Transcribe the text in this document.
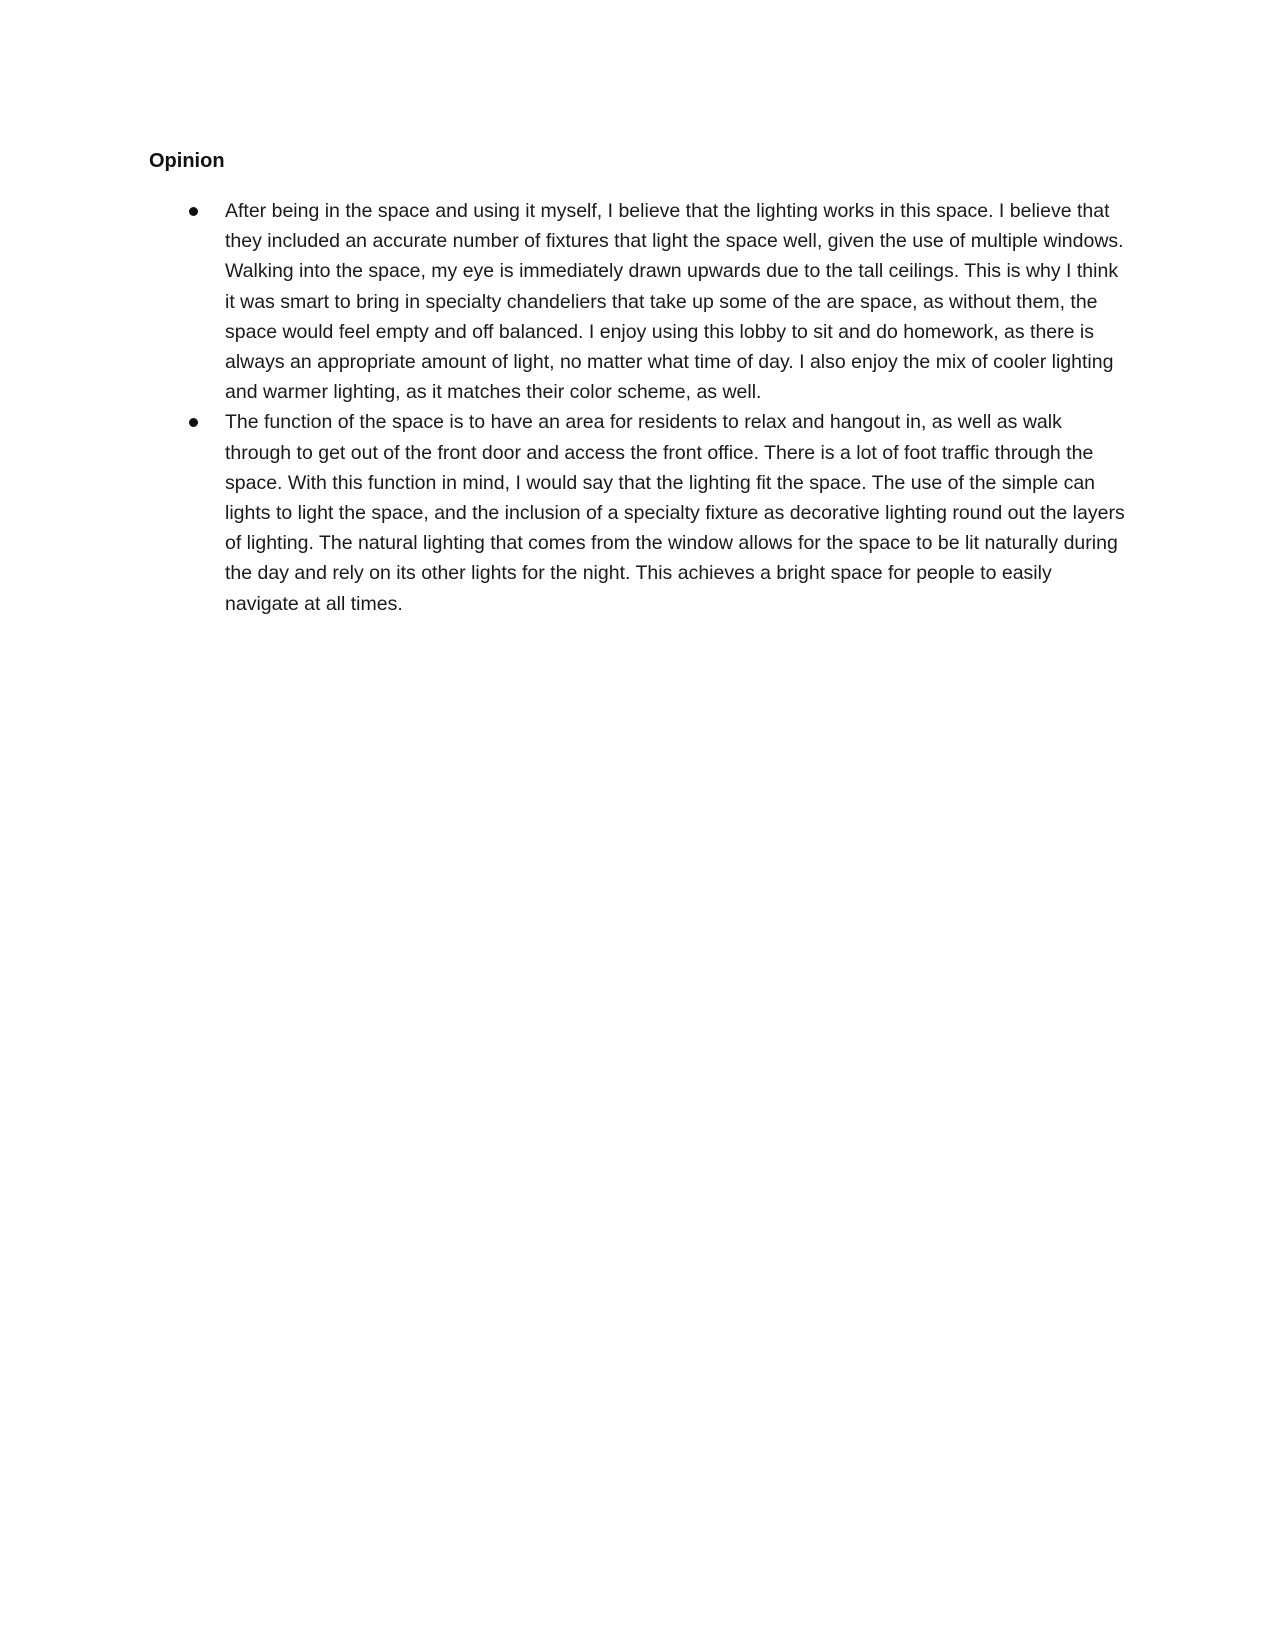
Opinion

After being in the space and using it myself, I believe that the lighting works in this space. I believe that they included an accurate number of fixtures that light the space well, given the use of multiple windows. Walking into the space, my eye is immediately drawn upwards due to the tall ceilings. This is why I think it was smart to bring in specialty chandeliers that take up some of the are space, as without them, the space would feel empty and off balanced. I enjoy using this lobby to sit and do homework, as there is always an appropriate amount of light, no matter what time of day. I also enjoy the mix of cooler lighting and warmer lighting, as it matches their color scheme, as well.

The function of the space is to have an area for residents to relax and hangout in, as well as walk through to get out of the front door and access the front office. There is a lot of foot traffic through the space. With this function in mind, I would say that the lighting fit the space. The use of the simple can lights to light the space, and the inclusion of a specialty fixture as decorative lighting round out the layers of lighting. The natural lighting that comes from the window allows for the space to be lit naturally during the day and rely on its other lights for the night. This achieves a bright space for people to easily navigate at all times.
